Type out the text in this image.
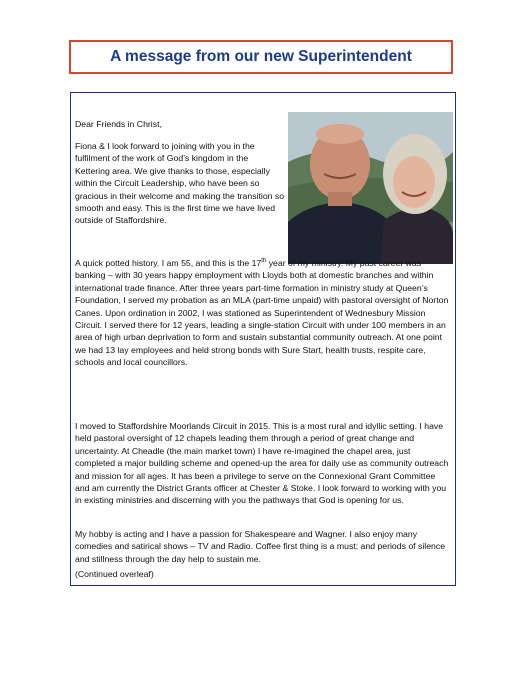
A message from our new Superintendent
Dear Friends in Christ,
Fiona & I look forward to joining with you in the fulfilment of the work of God’s kingdom in the Kettering area. We give thanks to those, especially within the Circuit Leadership, who have been so gracious in their welcome and making the transition so smooth and easy. This is the first time we have lived outside of Staffordshire.
A quick potted history. I am 55, and this is the 17th year of my ministry. My past career was banking – with 30 years happy employment with Lloyds both at domestic branches and within international trade finance. After three years part-time formation in ministry study at Queen’s Foundation, I served my probation as an MLA (part-time unpaid) with pastoral oversight of Norton Canes. Upon ordination in 2002, I was stationed as Superintendent of Wednesbury Mission Circuit. I served there for 12 years, leading a single-station Circuit with under 100 members in an area of high urban deprivation to form and sustain substantial community outreach. At one point we had 13 lay employees and held strong bonds with Sure Start, health trusts, respite care, schools and local councillors.
I moved to Staffordshire Moorlands Circuit in 2015. This is a most rural and idyllic setting. I have held pastoral oversight of 12 chapels leading them through a period of great change and uncertainty. At Cheadle (the main market town) I have re-imagined the chapel area, just completed a major building scheme and opened-up the area for daily use as community outreach and mission for all ages. It has been a privilege to serve on the Connexional Grant Committee and am currently the District Grants officer at Chester & Stoke. I look forward to working with you in existing ministries and discerning with you the pathways that God is opening for us.
My hobby is acting and I have a passion for Shakespeare and Wagner. I also enjoy many comedies and satirical shows – TV and Radio. Coffee first thing is a must; and periods of silence and stillness through the day help to sustain me.
(Continued overleaf)
